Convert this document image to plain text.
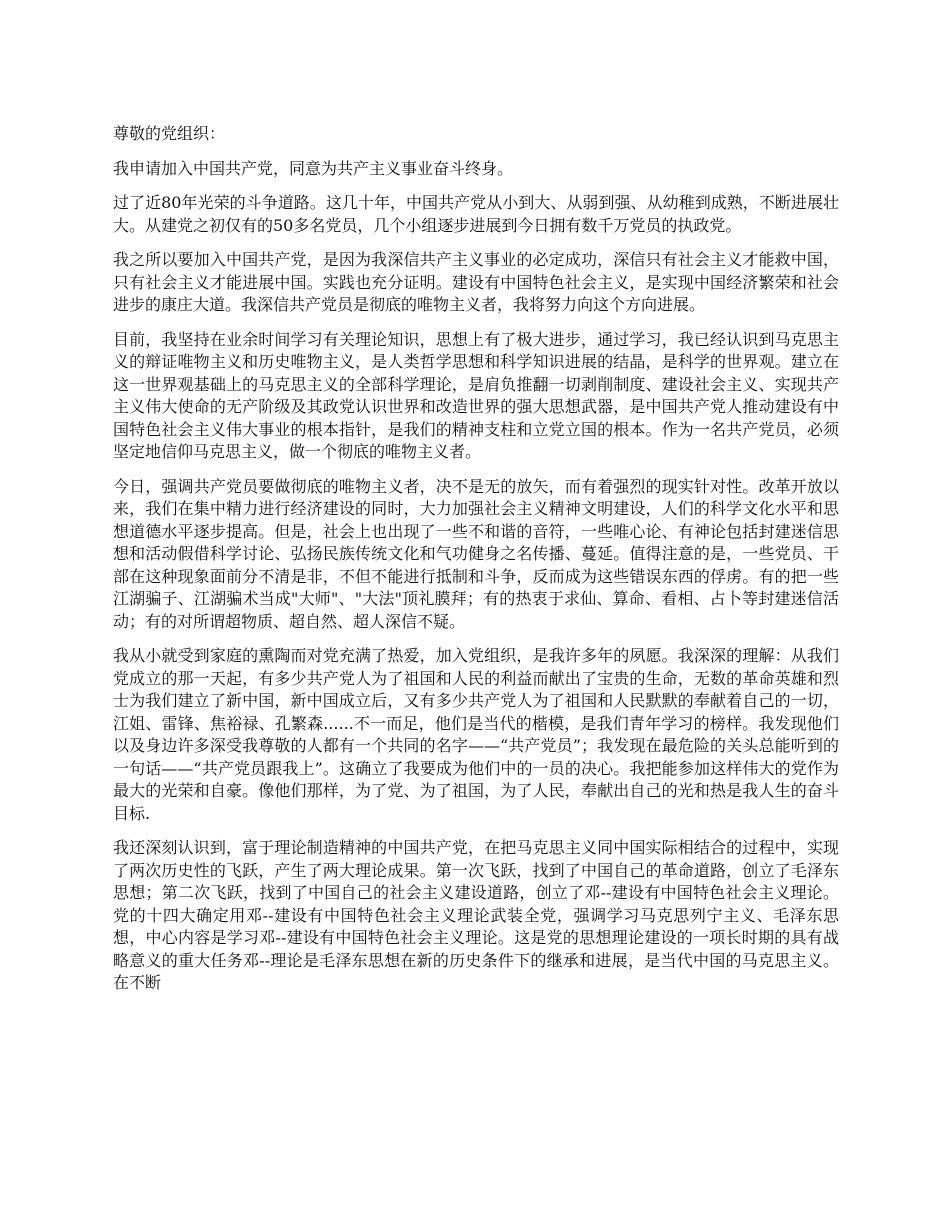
尊敬的党组织：

我申请加入中国共产党，同意为共产主义事业奋斗终身。

过了近80年光荣的斗争道路。这几十年，中国共产党从小到大、从弱到强、从幼稚到成熟，不断进展壮大。从建党之初仅有的50多名党员，几个小组逐步进展到今日拥有数千万党员的执政党。

我之所以要加入中国共产党，是因为我深信共产主义事业的必定成功，深信只有社会主义才能救中国，只有社会主义才能进展中国。实践也充分证明。建设有中国特色社会主义，是实现中国经济繁荣和社会进步的康庄大道。我深信共产党员是彻底的唯物主义者，我将努力向这个方向进展。

目前，我坚持在业余时间学习有关理论知识，思想上有了极大进步，通过学习，我已经认识到马克思主义的辩证唯物主义和历史唯物主义，是人类哲学思想和科学知识进展的结晶，是科学的世界观。建立在这一世界观基础上的马克思主义的全部科学理论，是肩负推翻一切剥削制度、建设社会主义、实现共产主义伟大使命的无产阶级及其政党认识世界和改造世界的强大思想武器，是中国共产党人推动建设有中国特色社会主义伟大事业的根本指针，是我们的精神支柱和立党立国的根本。作为一名共产党员，必须坚定地信仰马克思主义，做一个彻底的唯物主义者。

今日，强调共产党员要做彻底的唯物主义者，决不是无的放矢，而有着强烈的现实针对性。改革开放以来，我们在集中精力进行经济建设的同时，大力加强社会主义精神文明建设，人们的科学文化水平和思想道德水平逐步提高。但是，社会上也出现了一些不和谐的音符，一些唯心论、有神论包括封建迷信思想和活动假借科学讨论、弘扬民族传统文化和气功健身之名传播、蔓延。值得注意的是，一些党员、干部在这种现象面前分不清是非，不但不能进行抵制和斗争，反而成为这些错误东西的俘虏。有的把一些江湖骗子、江湖骗术当成"大师"、"大法"顶礼膜拜；有的热衷于求仙、算命、看相、占卜等封建迷信活动；有的对所谓超物质、超自然、超人深信不疑。

我从小就受到家庭的熏陶而对党充满了热爱，加入党组织，是我许多年的夙愿。我深深的理解：从我们党成立的那一天起，有多少共产党人为了祖国和人民的利益而献出了宝贵的生命，无数的革命英雄和烈士为我们建立了新中国，新中国成立后，又有多少共产党人为了祖国和人民默默的奉献着自己的一切，江姐、雷锋、焦裕禄、孔繁森......不一而足，他们是当代的楷模，是我们青年学习的榜样。我发现他们以及身边许多深受我尊敬的人都有一个共同的名字——“共产党员”；我发现在最危险的关头总能听到的一句话——“共产党员跟我上”。这确立了我要成为他们中的一员的决心。我把能参加这样伟大的党作为最大的光荣和自豪。像他们那样，为了党、为了祖国，为了人民，奉献出自己的光和热是我人生的奋斗目标.

我还深刻认识到，富于理论制造精神的中国共产党，在把马克思主义同中国实际相结合的过程中，实现了两次历史性的飞跃，产生了两大理论成果。第一次飞跃，找到了中国自己的革命道路，创立了毛泽东思想；第二次飞跃，找到了中国自己的社会主义建设道路，创立了邓--建设有中国特色社会主义理论。党的十四大确定用邓--建设有中国特色社会主义理论武装全党，强调学习马克思列宁主义、毛泽东思想，中心内容是学习邓--建设有中国特色社会主义理论。这是党的思想理论建设的一项长时期的具有战略意义的重大任务邓--理论是毛泽东思想在新的历史条件下的继承和进展，是当代中国的马克思主义。 在不断
